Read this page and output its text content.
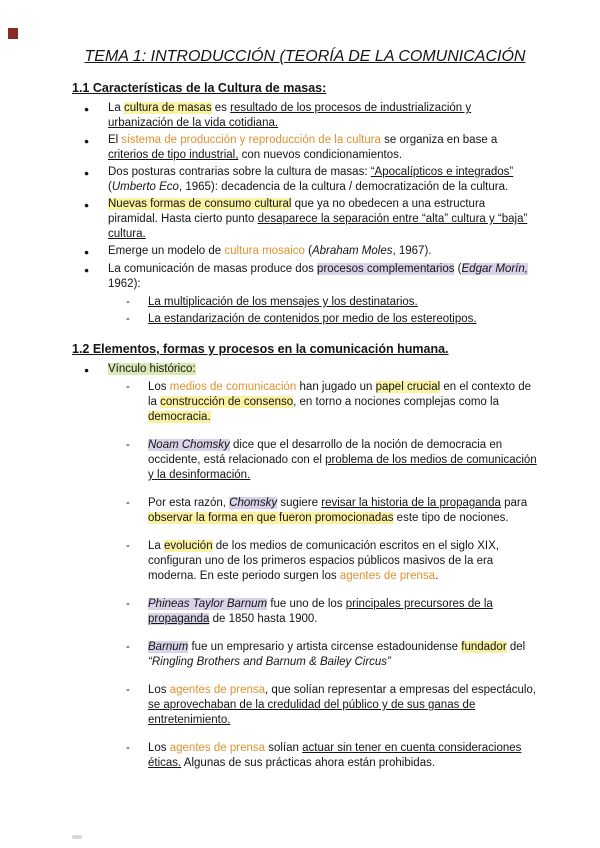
TEMA 1: INTRODUCCIÓN (TEORÍA DE LA COMUNICACIÓN
1.1 Características de la Cultura de masas:
●	La cultura de masas es resultado de los procesos de industrialización y urbanización de la vida cotidiana.
●	El sistema de producción y reproducción de la cultura se organiza en base a criterios de tipo industrial, con nuevos condicionamientos.
●	Dos posturas contrarias sobre la cultura de masas: “Apocalípticos e integrados” (Umberto Eco, 1965): decadencia de la cultura / democratización de la cultura.
●	Nuevas formas de consumo cultural que ya no obedecen a una estructura piramidal. Hasta cierto punto desaparece la separación entre “alta” cultura y “baja” cultura.
●	Emerge un modelo de cultura mosaico (Abraham Moles, 1967).
●	La comunicación de masas produce dos procesos complementarios (Edgar Morín, 1962):
-	La multiplicación de los mensajes y los destinatarios.
-	La estandarización de contenidos por medio de los estereotipos.
1.2 Elementos, formas y procesos en la comunicación humana.
●	Vínculo histórico:
-	Los medios de comunicación han jugado un papel crucial en el contexto de la construcción de consenso, en torno a nociones complejas como la democracia.
-	Noam Chomsky dice que el desarrollo de la noción de democracia en occidente, está relacionado con el problema de los medios de comunicación y la desinformación.
-	Por esta razón, Chomsky sugiere revisar la historia de la propaganda para observar la forma en que fueron promocionadas este tipo de nociones.
-	La evolución de los medios de comunicación escritos en el siglo XIX, configuran uno de los primeros espacios públicos masivos de la era moderna. En este periodo surgen los agentes de prensa.
-	Phineas Taylor Barnum fue uno de los principales precursores de la propaganda de 1850 hasta 1900.
-	Barnum fue un empresario y artista circense estadounidense fundador del “Ringling Brothers and Barnum & Bailey Circus”
-	Los agentes de prensa, que solían representar a empresas del espectáculo, se aprovechaban de la credulidad del público y de sus ganas de entretenimiento.
-	Los agentes de prensa solían actuar sin tener en cuenta consideraciones éticas. Algunas de sus prácticas ahora están prohibidas.
